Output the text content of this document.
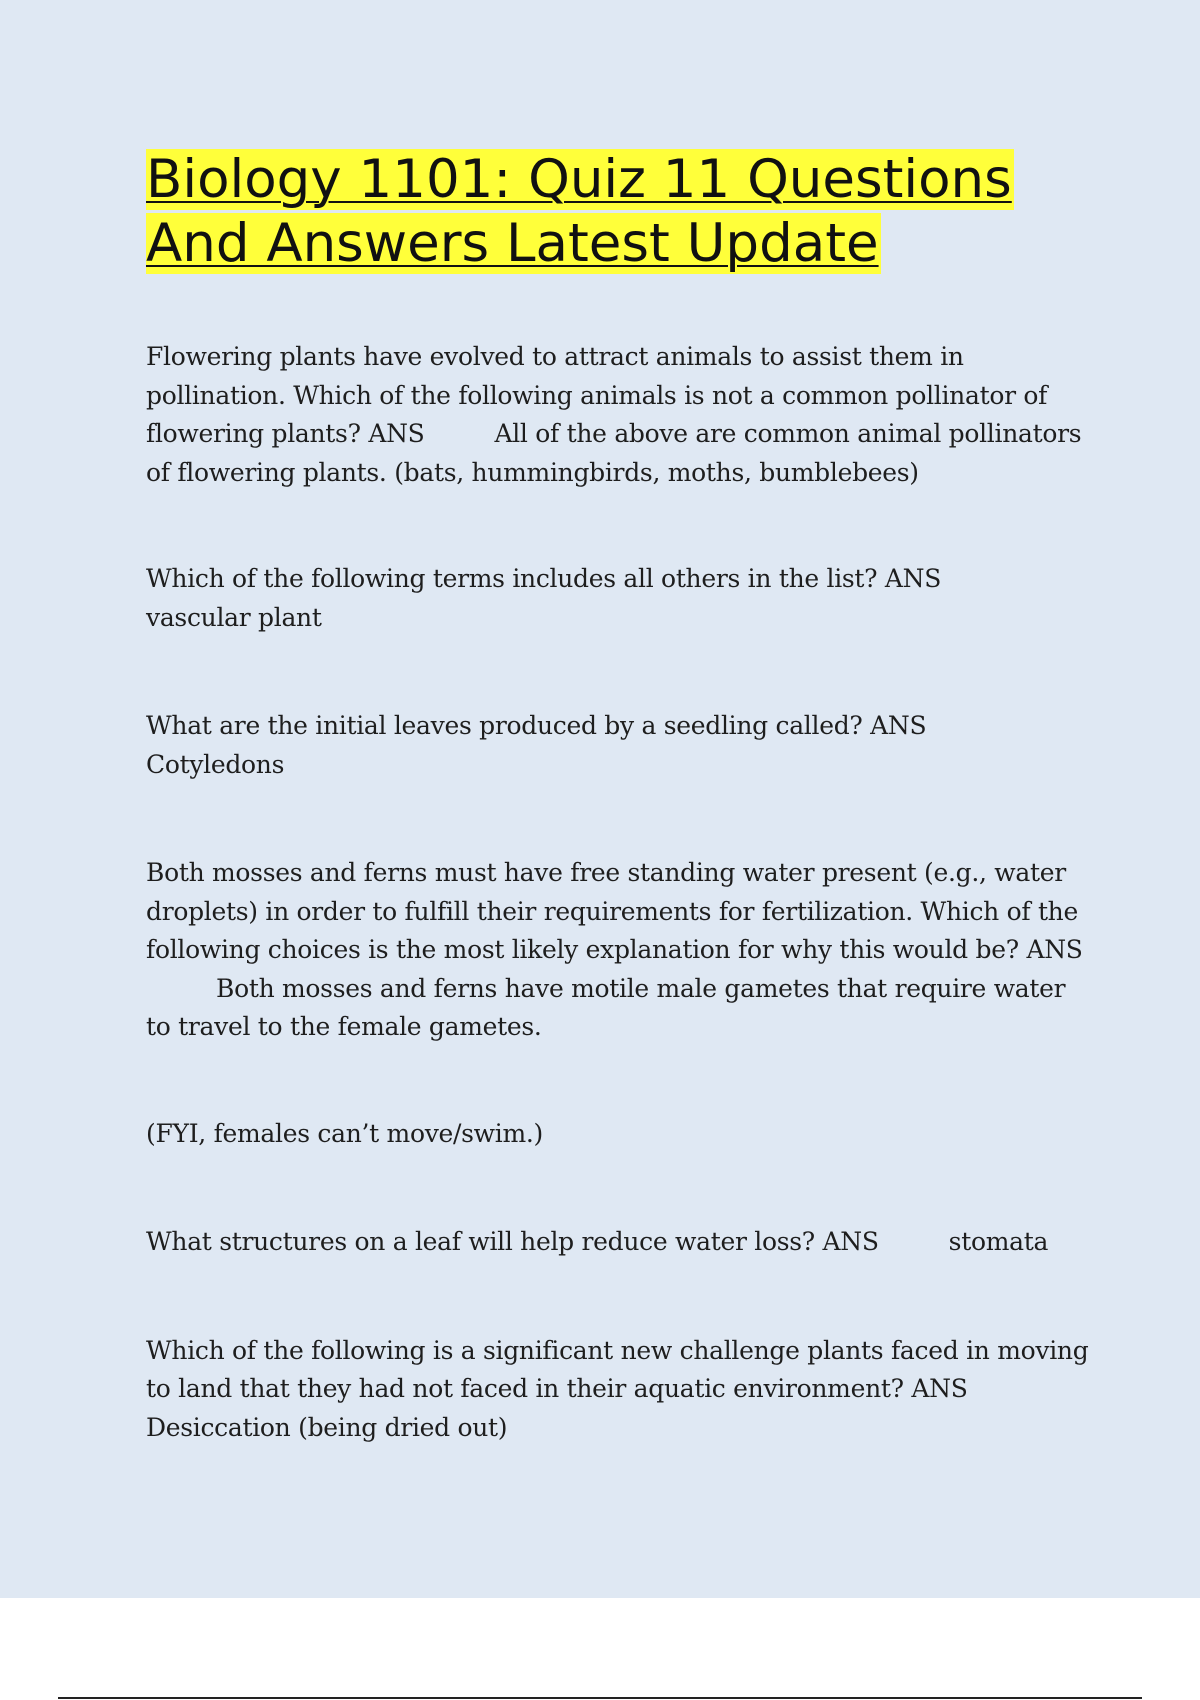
Biology 1101: Quiz 11 Questions
And Answers Latest Update

Flowering plants have evolved to attract animals to assist them in pollination. Which of the following animals is not a common pollinator of flowering plants? ANS	All of the above are common animal pollinators of flowering plants. (bats, hummingbirds, moths, bumblebees)

Which of the following terms includes all others in the list? ANSvascular plant

What are the initial leaves produced by a seedling called? ANSCotyledons

Both mosses and ferns must have free standing water present (e.g., water droplets) in order to fulfill their requirements for fertilization. Which of the following choices is the most likely explanation for why this would be? ANSBoth mosses and ferns have motile male gametes that require water to travel to the female gametes.

(FYI, females can’t move/swim.)

What structures on a leaf will help reduce water loss? ANS	stomata

Which of the following is a significant new challenge plants faced in moving to land that they had not faced in their aquatic environment? ANSDesiccation (being dried out)
